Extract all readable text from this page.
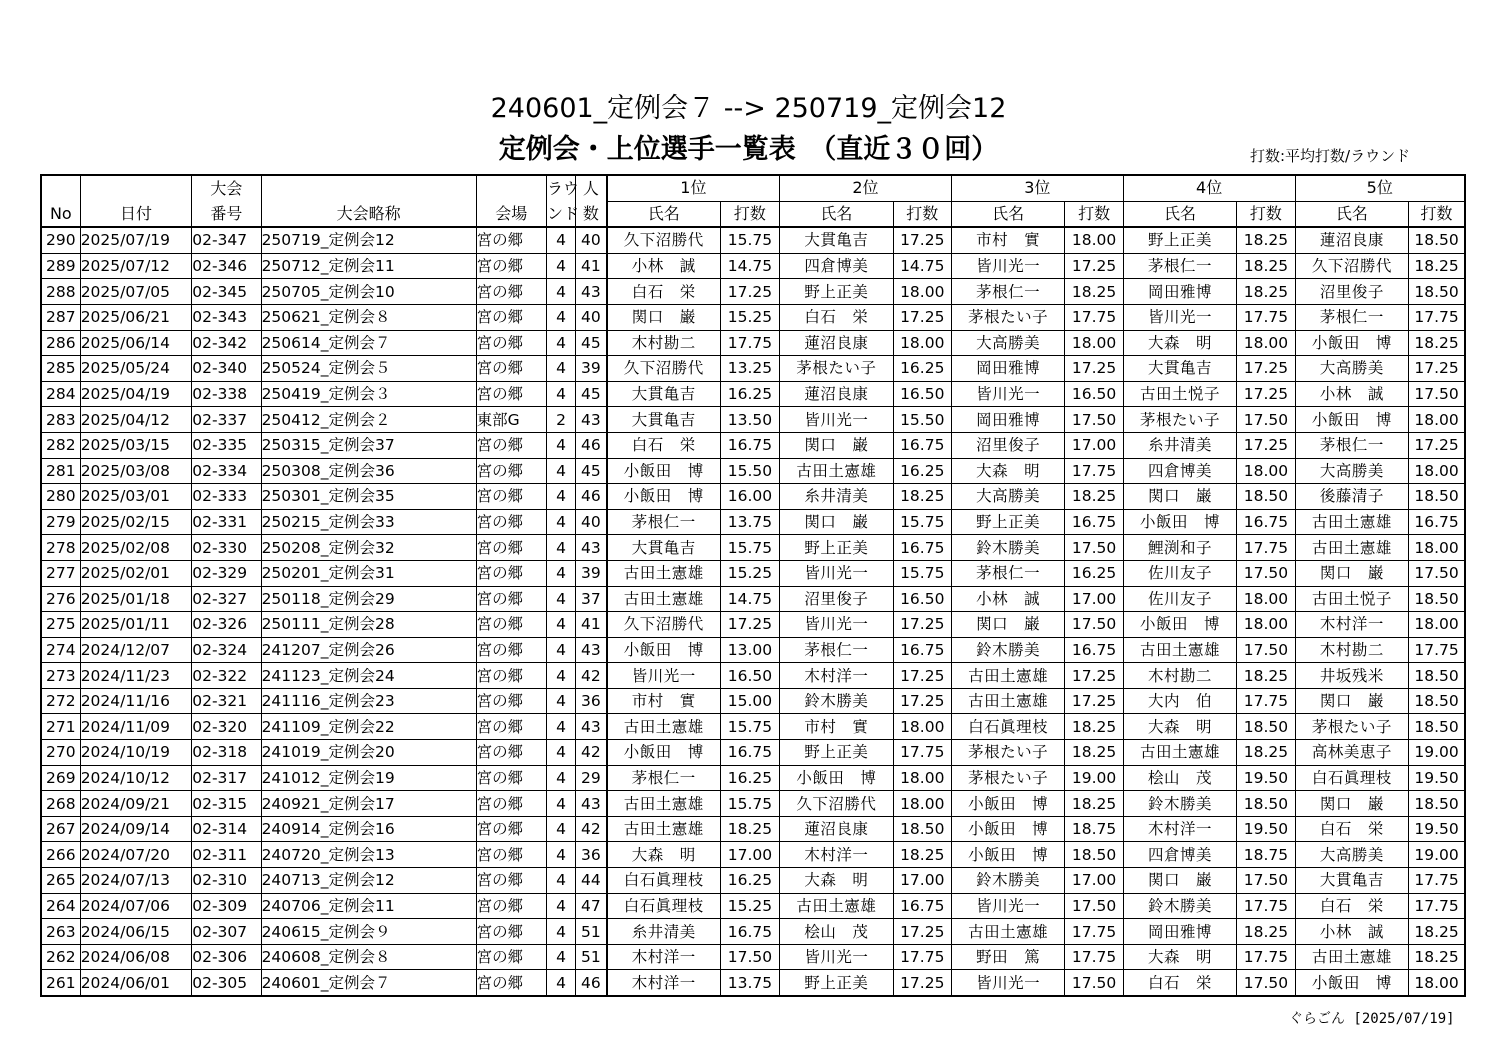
240601_定例会７ --> 250719_定例会12
定例会・上位選手一覧表　（直近３０回）	打数:平均打数/ラウンド
		大会			ラウ	人	1位		2位		3位		4位		5位	
No	日付	番号	大会略称	会場	ンド	数	氏名	打数	氏名	打数	氏名	打数	氏名	打数	氏名	打数
290	2025/07/19	02-347	250719_定例会12	宮の郷	4	40	久下沼勝代	15.75	大貫亀吉	17.25	市村　實	18.00	野上正美	18.25	蓮沼良康	18.50
289	2025/07/12	02-346	250712_定例会11	宮の郷	4	41	小林　誠	14.75	四倉博美	14.75	皆川光一	17.25	茅根仁一	18.25	久下沼勝代	18.25
288	2025/07/05	02-345	250705_定例会10	宮の郷	4	43	白石　栄	17.25	野上正美	18.00	茅根仁一	18.25	岡田雅博	18.25	沼里俊子	18.50
287	2025/06/21	02-343	250621_定例会８	宮の郷	4	40	関口　巌	15.25	白石　栄	17.25	茅根たい子	17.75	皆川光一	17.75	茅根仁一	17.75
286	2025/06/14	02-342	250614_定例会７	宮の郷	4	45	木村勘二	17.75	蓮沼良康	18.00	大高勝美	18.00	大森　明	18.00	小飯田　博	18.25
285	2025/05/24	02-340	250524_定例会５	宮の郷	4	39	久下沼勝代	13.25	茅根たい子	16.25	岡田雅博	17.25	大貫亀吉	17.25	大高勝美	17.25
284	2025/04/19	02-338	250419_定例会３	宮の郷	4	45	大貫亀吉	16.25	蓮沼良康	16.50	皆川光一	16.50	古田土悦子	17.25	小林　誠	17.50
283	2025/04/12	02-337	250412_定例会２	東部G	2	43	大貫亀吉	13.50	皆川光一	15.50	岡田雅博	17.50	茅根たい子	17.50	小飯田　博	18.00
282	2025/03/15	02-335	250315_定例会37	宮の郷	4	46	白石　栄	16.75	関口　巌	16.75	沼里俊子	17.00	糸井清美	17.25	茅根仁一	17.25
281	2025/03/08	02-334	250308_定例会36	宮の郷	4	45	小飯田　博	15.50	古田土憲雄	16.25	大森　明	17.75	四倉博美	18.00	大高勝美	18.00
280	2025/03/01	02-333	250301_定例会35	宮の郷	4	46	小飯田　博	16.00	糸井清美	18.25	大高勝美	18.25	関口　巌	18.50	後藤清子	18.50
279	2025/02/15	02-331	250215_定例会33	宮の郷	4	40	茅根仁一	13.75	関口　巌	15.75	野上正美	16.75	小飯田　博	16.75	古田土憲雄	16.75
278	2025/02/08	02-330	250208_定例会32	宮の郷	4	43	大貫亀吉	15.75	野上正美	16.75	鈴木勝美	17.50	鯉渕和子	17.75	古田土憲雄	18.00
277	2025/02/01	02-329	250201_定例会31	宮の郷	4	39	古田土憲雄	15.25	皆川光一	15.75	茅根仁一	16.25	佐川友子	17.50	関口　巌	17.50
276	2025/01/18	02-327	250118_定例会29	宮の郷	4	37	古田土憲雄	14.75	沼里俊子	16.50	小林　誠	17.00	佐川友子	18.00	古田土悦子	18.50
275	2025/01/11	02-326	250111_定例会28	宮の郷	4	41	久下沼勝代	17.25	皆川光一	17.25	関口　巌	17.50	小飯田　博	18.00	木村洋一	18.00
274	2024/12/07	02-324	241207_定例会26	宮の郷	4	43	小飯田　博	13.00	茅根仁一	16.75	鈴木勝美	16.75	古田土憲雄	17.50	木村勘二	17.75
273	2024/11/23	02-322	241123_定例会24	宮の郷	4	42	皆川光一	16.50	木村洋一	17.25	古田土憲雄	17.25	木村勘二	18.25	井坂残米	18.50
272	2024/11/16	02-321	241116_定例会23	宮の郷	4	36	市村　實	15.00	鈴木勝美	17.25	古田土憲雄	17.25	大内　伯	17.75	関口　巌	18.50
271	2024/11/09	02-320	241109_定例会22	宮の郷	4	43	古田土憲雄	15.75	市村　實	18.00	白石眞理枝	18.25	大森　明	18.50	茅根たい子	18.50
270	2024/10/19	02-318	241019_定例会20	宮の郷	4	42	小飯田　博	16.75	野上正美	17.75	茅根たい子	18.25	古田土憲雄	18.25	高林美恵子	19.00
269	2024/10/12	02-317	241012_定例会19	宮の郷	4	29	茅根仁一	16.25	小飯田　博	18.00	茅根たい子	19.00	桧山　茂	19.50	白石眞理枝	19.50
268	2024/09/21	02-315	240921_定例会17	宮の郷	4	43	古田土憲雄	15.75	久下沼勝代	18.00	小飯田　博	18.25	鈴木勝美	18.50	関口　巌	18.50
267	2024/09/14	02-314	240914_定例会16	宮の郷	4	42	古田土憲雄	18.25	蓮沼良康	18.50	小飯田　博	18.75	木村洋一	19.50	白石　栄	19.50
266	2024/07/20	02-311	240720_定例会13	宮の郷	4	36	大森　明	17.00	木村洋一	18.25	小飯田　博	18.50	四倉博美	18.75	大高勝美	19.00
265	2024/07/13	02-310	240713_定例会12	宮の郷	4	44	白石眞理枝	16.25	大森　明	17.00	鈴木勝美	17.00	関口　巌	17.50	大貫亀吉	17.75
264	2024/07/06	02-309	240706_定例会11	宮の郷	4	47	白石眞理枝	15.25	古田土憲雄	16.75	皆川光一	17.50	鈴木勝美	17.75	白石　栄	17.75
263	2024/06/15	02-307	240615_定例会９	宮の郷	4	51	糸井清美	16.75	桧山　茂	17.25	古田土憲雄	17.75	岡田雅博	18.25	小林　誠	18.25
262	2024/06/08	02-306	240608_定例会８	宮の郷	4	51	木村洋一	17.50	皆川光一	17.75	野田　篤	17.75	大森　明	17.75	古田土憲雄	18.25
261	2024/06/01	02-305	240601_定例会７	宮の郷	4	46	木村洋一	13.75	野上正美	17.25	皆川光一	17.50	白石　栄	17.50	小飯田　博	18.00
ぐらごん [2025/07/19]
